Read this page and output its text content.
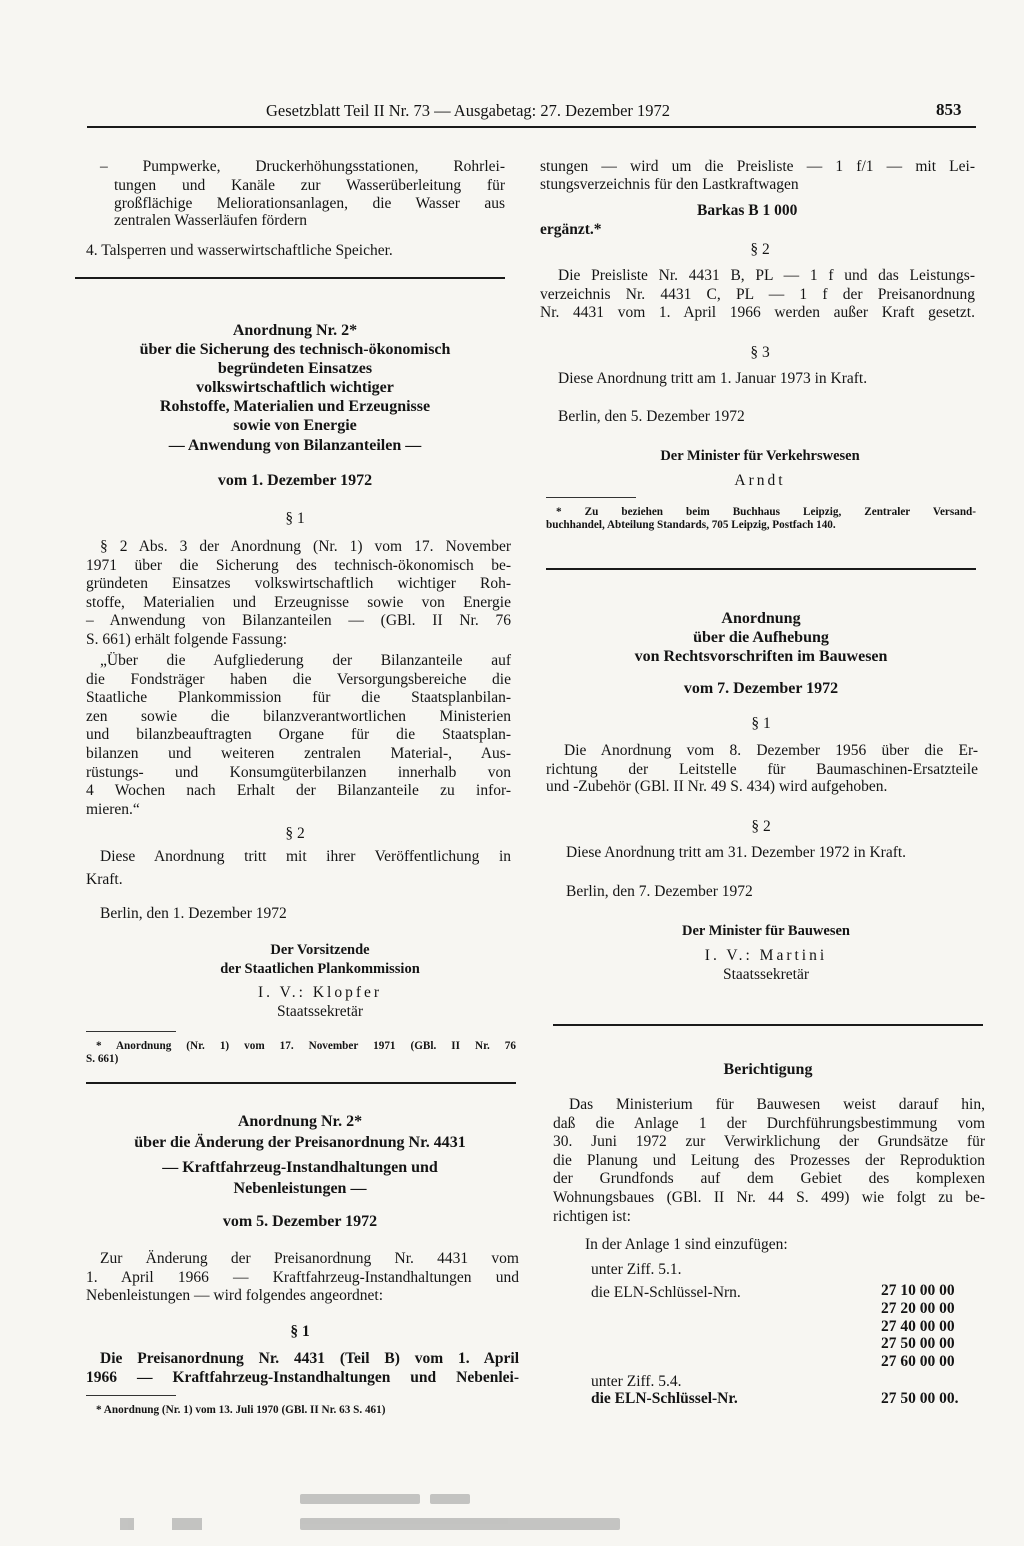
Gesetzblatt Teil II Nr. 73 — Ausgabetag: 27. Dezember 1972	853
– Pumpwerke, Druckerhöhungsstationen, Rohrlei-
tungen und Kanäle zur Wasserüberleitung für
großflächige Meliorationsanlagen, die Wasser aus
zentralen Wasserläufen fördern
4. Talsperren und wasserwirtschaftliche Speicher.
Anordnung Nr. 2*
über die Sicherung des technisch-ökonomisch
begründeten Einsatzes
volkswirtschaftlich wichtiger
Rohstoffe, Materialien und Erzeugnisse
sowie von Energie
— Anwendung von Bilanzanteilen —
vom 1. Dezember 1972
§ 1
§ 2 Abs. 3 der Anordnung (Nr. 1) vom 17. November
1971 über die Sicherung des technisch-ökonomisch be-
gründeten Einsatzes volkswirtschaftlich wichtiger Roh-
stoffe, Materialien und Erzeugnisse sowie von Energie
– Anwendung von Bilanzanteilen — (GBl. II Nr. 76
S. 661) erhält folgende Fassung:
„Über die Aufgliederung der Bilanzanteile auf
die Fondsträger haben die Versorgungsbereiche die
Staatliche Plankommission für die Staatsplanbilan-
zen sowie die bilanzverantwortlichen Ministerien
und bilanzbeauftragten Organe für die Staatsplan-
bilanzen und weiteren zentralen Material-, Aus-
rüstungs- und Konsumgüterbilanzen innerhalb von
4 Wochen nach Erhalt der Bilanzanteile zu infor-
mieren.“
§ 2
Diese Anordnung tritt mit ihrer Veröffentlichung in
Kraft.
Berlin, den 1. Dezember 1972
Der Vorsitzende
der Staatlichen Plankommission
I. V.: Klopfer
Staatssekretär
* Anordnung (Nr. 1) vom 17. November 1971 (GBl. II Nr. 76
S. 661)
Anordnung Nr. 2*
über die Änderung der Preisanordnung Nr. 4431
— Kraftfahrzeug-Instandhaltungen und
Nebenleistungen —
vom 5. Dezember 1972
Zur Änderung der Preisanordnung Nr. 4431 vom
1. April 1966 — Kraftfahrzeug-Instandhaltungen und
Nebenleistungen — wird folgendes angeordnet:
§ 1
Die Preisanordnung Nr. 4431 (Teil B) vom 1. April
1966 — Kraftfahrzeug-Instandhaltungen und Nebenlei-
* Anordnung (Nr. 1) vom 13. Juli 1970 (GBl. II Nr. 63 S. 461)
stungen — wird um die Preisliste — 1 f/1 — mit Lei-
stungsverzeichnis für den Lastkraftwagen
Barkas B 1 000
ergänzt.*
§ 2
Die Preisliste Nr. 4431 B, PL — 1 f und das Leistungs-
verzeichnis Nr. 4431 C, PL — 1 f der Preisanordnung
Nr. 4431 vom 1. April 1966 werden außer Kraft gesetzt.
§ 3
Diese Anordnung tritt am 1. Januar 1973 in Kraft.
Berlin, den 5. Dezember 1972
Der Minister für Verkehrswesen
Arndt
* Zu beziehen beim Buchhaus Leipzig, Zentraler Versand-
buchhandel, Abteilung Standards, 705 Leipzig, Postfach 140.
Anordnung
über die Aufhebung
von Rechtsvorschriften im Bauwesen
vom 7. Dezember 1972
§ 1
Die Anordnung vom 8. Dezember 1956 über die Er-
richtung der Leitstelle für Baumaschinen-Ersatzteile
und -Zubehör (GBl. II Nr. 49 S. 434) wird aufgehoben.
§ 2
Diese Anordnung tritt am 31. Dezember 1972 in Kraft.
Berlin, den 7. Dezember 1972
Der Minister für Bauwesen
I. V.: Martini
Staatssekretär
Berichtigung
Das Ministerium für Bauwesen weist darauf hin,
daß die Anlage 1 der Durchführungsbestimmung vom
30. Juni 1972 zur Verwirklichung der Grundsätze für
die Planung und Leitung des Prozesses der Reproduktion
der Grundfonds auf dem Gebiet des komplexen
Wohnungsbaues (GBl. II Nr. 44 S. 499) wie folgt zu be-
richtigen ist:
In der Anlage 1 sind einzufügen:
unter Ziff. 5.1.
die ELN-Schlüssel-Nrn.	27 10 00 00
27 20 00 00
27 40 00 00
27 50 00 00
27 60 00 00
unter Ziff. 5.4.
die ELN-Schlüssel-Nr.	27 50 00 00.
